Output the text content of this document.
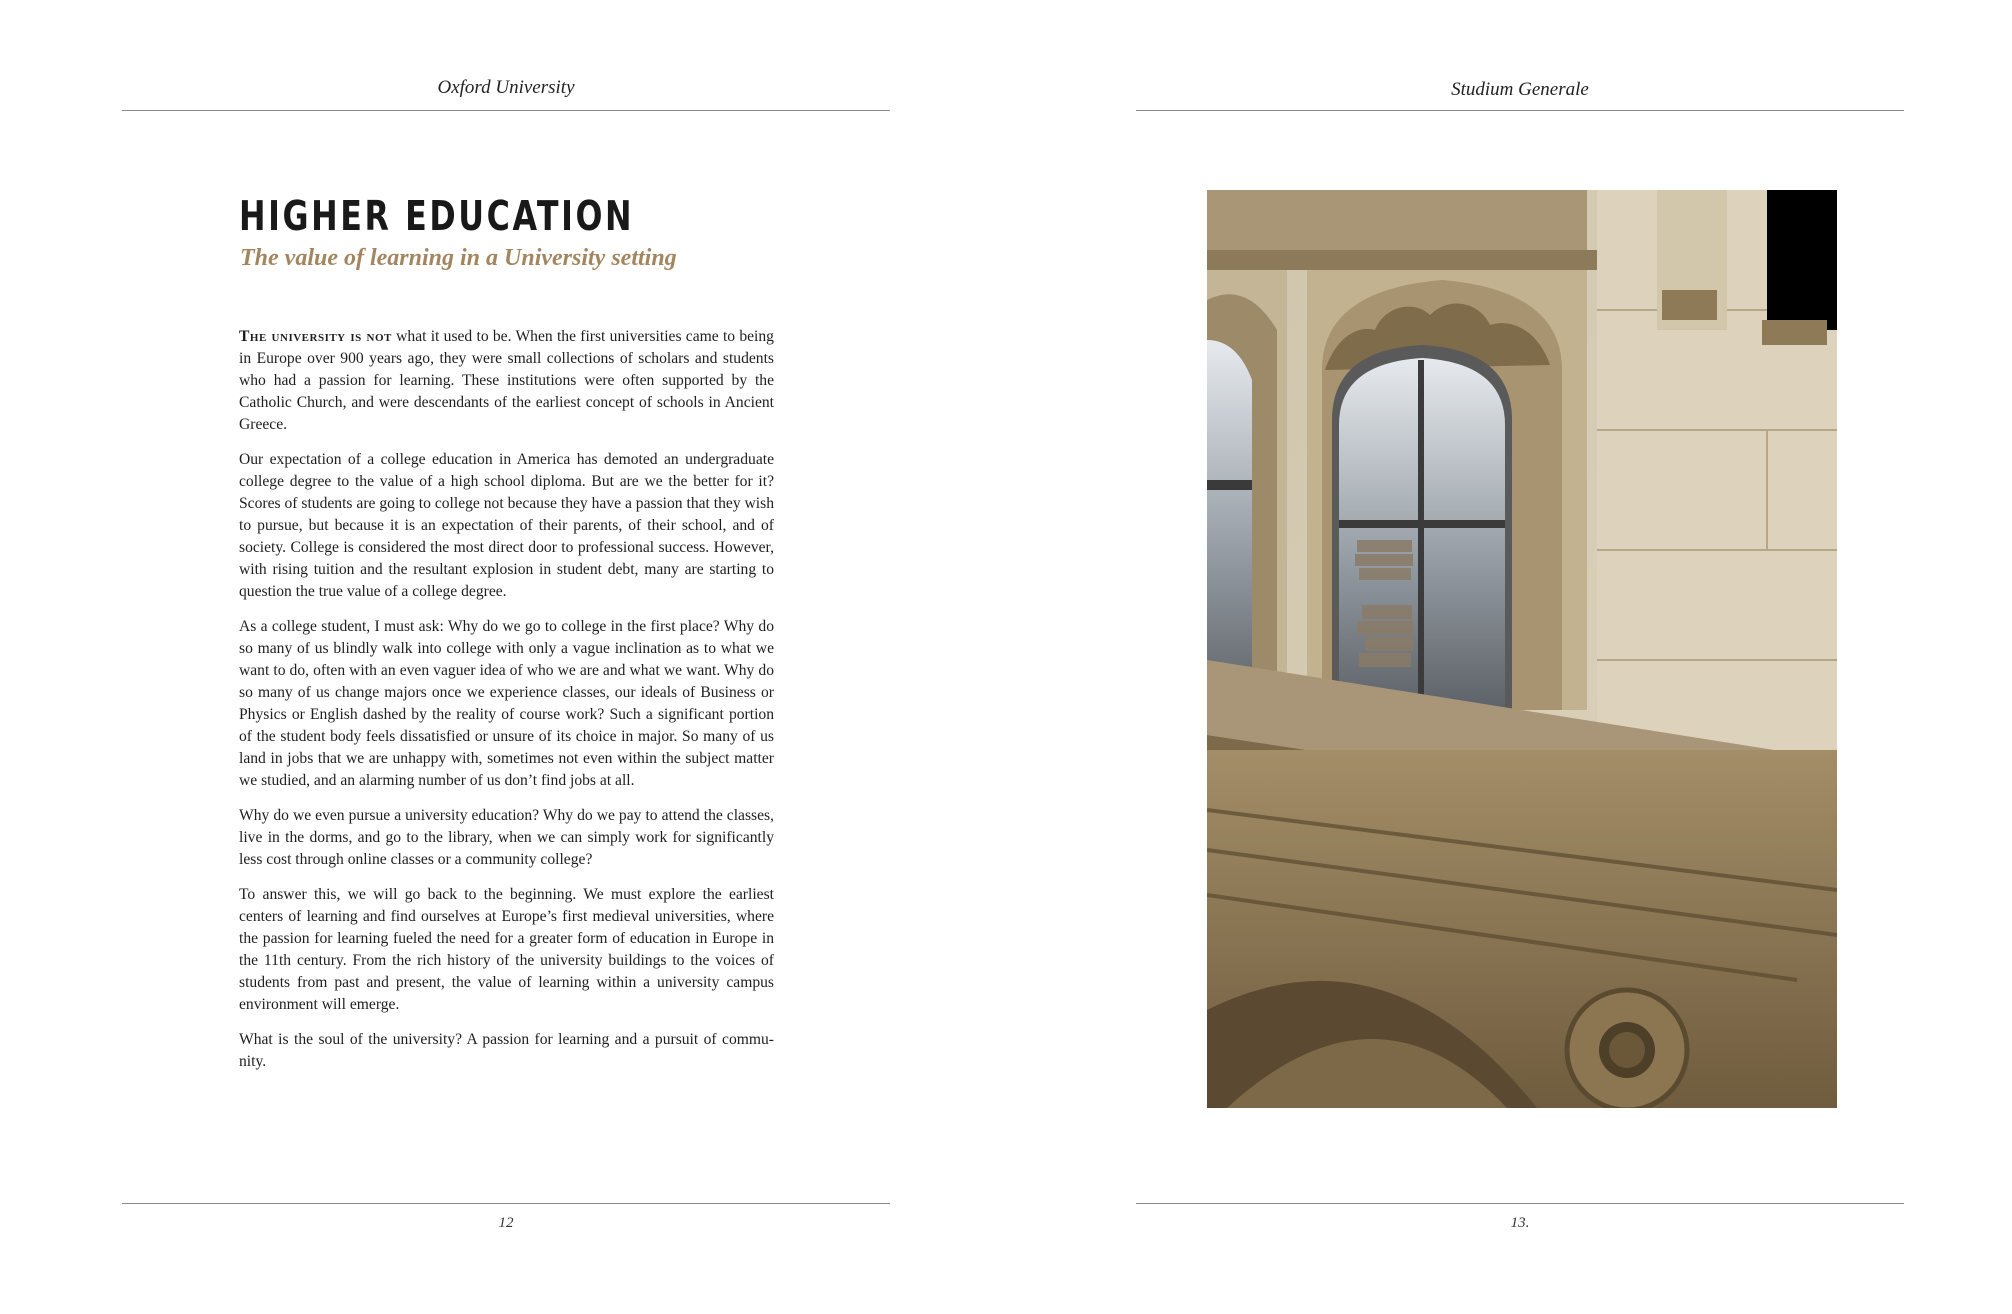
Oxford University
HIGHER EDUCATION
The value of learning in a University setting

The university is not what it used to be. When the first universities came to being in Europe over 900 years ago, they were small collections of scholars and students who had a passion for learning. These institutions were often supported by the Catholic Church, and were descendants of the earliest concept of schools in Ancient Greece.

Our expectation of a college education in America has demoted an undergraduate college degree to the value of a high school diploma. But are we the better for it? Scores of students are going to college not because they have a passion that they wish to pursue, but because it is an expectation of their parents, of their school, and of society. College is considered the most direct door to professional success. However, with rising tuition and the resultant explosion in student debt, many are starting to question the true value of a college degree.

As a college student, I must ask: Why do we go to college in the first place? Why do so many of us blindly walk into college with only a vague inclination as to what we want to do, often with an even vaguer idea of who we are and what we want. Why do so many of us change majors once we experience classes, our ideals of Business or Physics or English dashed by the reality of course work? Such a significant portion of the student body feels dissatisfied or unsure of its choice in major. So many of us land in jobs that we are unhappy with, sometimes not even within the subject matter we studied, and an alarming number of us don’t find jobs at all.

Why do we even pursue a university education? Why do we pay to attend the classes, live in the dorms, and go to the library, when we can simply work for significantly less cost through online classes or a community college?

To answer this, we will go back to the beginning. We must explore the earliest centers of learning and find ourselves at Europe’s first medieval universities, where the passion for learning fueled the need for a greater form of education in Europe in the 11th century. From the rich history of the university buildings to the voices of students from past and present, the value of learning within a university campus environment will emerge.

What is the soul of the university? A passion for learning and a pursuit of commu-nity.

12
Studium Generale
13.
